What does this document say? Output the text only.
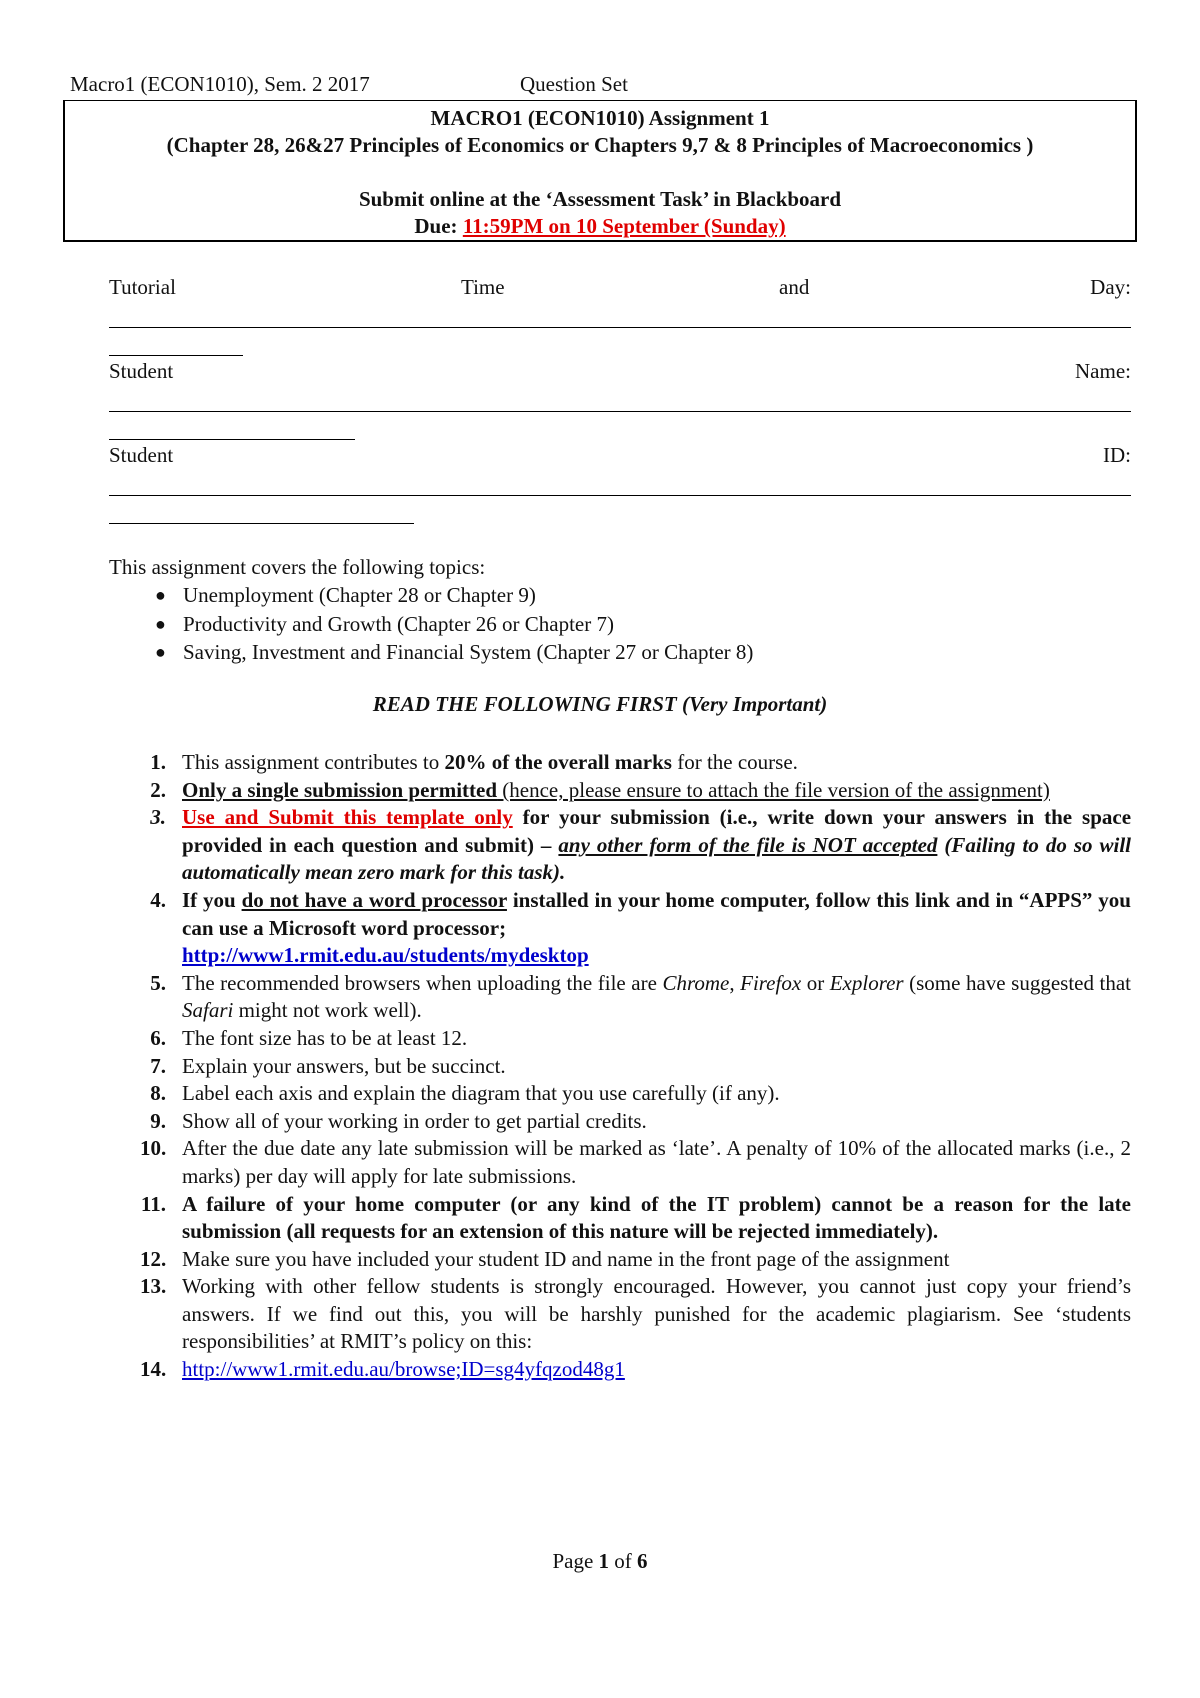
Macro1 (ECON1010), Sem. 2 2017	Question Set
MACRO1 (ECON1010) Assignment 1
(Chapter 28, 26&27 Principles of Economics or Chapters 9,7 & 8 Principles of Macroeconomics )
Submit online at the ‘Assessment Task’ in Blackboard
Due: 11:59PM on 10 September (Sunday)
Tutorial	Time	and	Day:
Student	Name:
Student	ID:
This assignment covers the following topics:
● Unemployment (Chapter 28 or Chapter 9)
● Productivity and Growth (Chapter 26 or Chapter 7)
● Saving, Investment and Financial System (Chapter 27 or Chapter 8)
READ THE FOLLOWING FIRST (Very Important)
1. This assignment contributes to 20% of the overall marks for the course.
2. Only a single submission permitted (hence, please ensure to attach the file version of the assignment)
3. Use and Submit this template only for your submission (i.e., write down your answers in the space provided in each question and submit) – any other form of the file is NOT accepted (Failing to do so will automatically mean zero mark for this task).
4. If you do not have a word processor installed in your home computer, follow this link and in “APPS” you can use a Microsoft word processor;
http://www1.rmit.edu.au/students/mydesktop
5. The recommended browsers when uploading the file are Chrome, Firefox or Explorer (some have suggested that Safari might not work well).
6. The font size has to be at least 12.
7. Explain your answers, but be succinct.
8. Label each axis and explain the diagram that you use carefully (if any).
9. Show all of your working in order to get partial credits.
10. After the due date any late submission will be marked as ‘late’. A penalty of 10% of the allocated marks (i.e., 2 marks) per day will apply for late submissions.
11. A failure of your home computer (or any kind of the IT problem) cannot be a reason for the late submission (all requests for an extension of this nature will be rejected immediately).
12. Make sure you have included your student ID and name in the front page of the assignment
13. Working with other fellow students is strongly encouraged. However, you cannot just copy your friend’s answers. If we find out this, you will be harshly punished for the academic plagiarism. See ‘students responsibilities’ at RMIT’s policy on this:
14. http://www1.rmit.edu.au/browse;ID=sg4yfqzod48g1
Page 1 of 6
